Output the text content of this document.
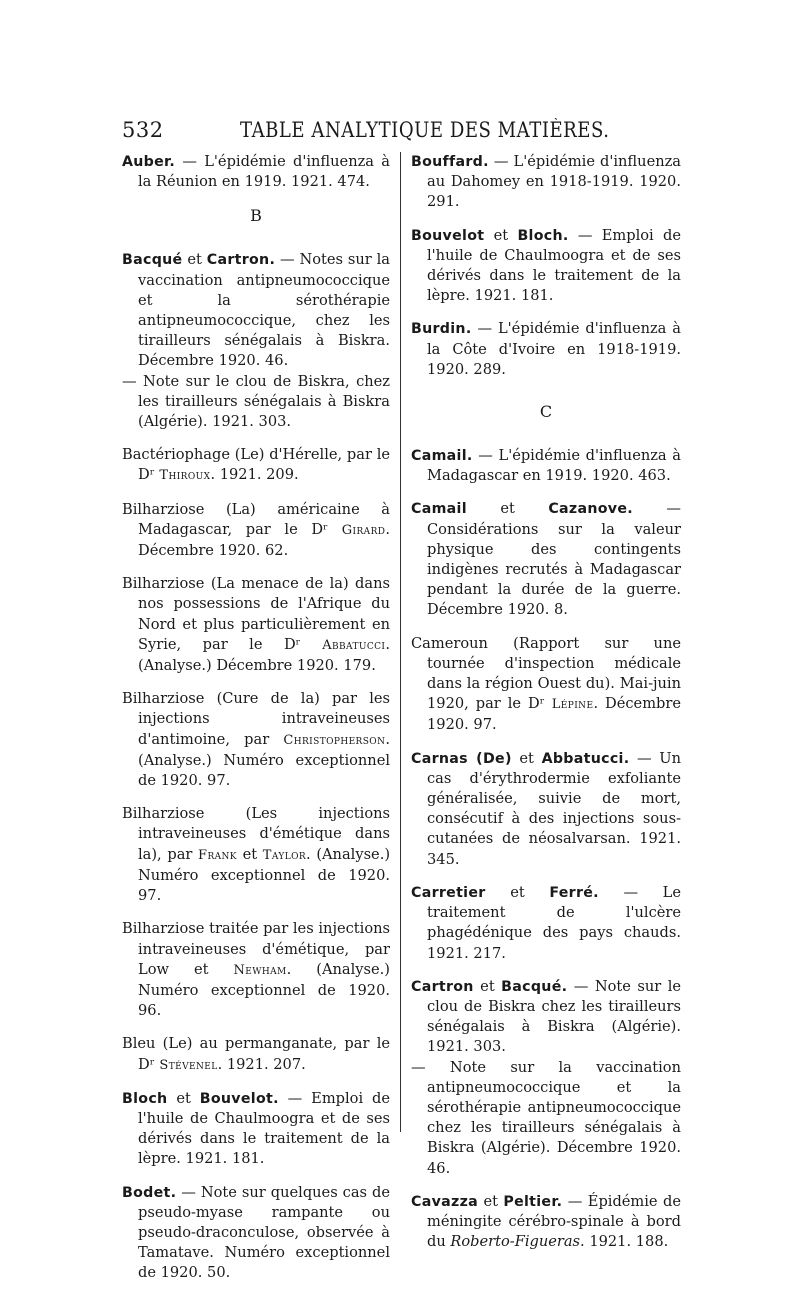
532	TABLE ANALYTIQUE DES MATIÈRES.

Auber. — L'épidémie d'influenza à la Réunion en 1919. 1921. 474.

B

Bacqué et Cartron. — Notes sur la vaccination antipneumococcique et la sérothérapie antipneumococcique, chez les tirailleurs sénégalais à Biskra. Décembre 1920. 46.
— Note sur le clou de Biskra, chez les tirailleurs sénégalais à Biskra (Algérie). 1921. 303.

Bactériophage (Le) d'Hérelle, par le Dʳ Thiroux. 1921. 209.

Bilharziose (La) américaine à Madagascar, par le Dʳ Girard. Décembre 1920. 62.

Bilharziose (La menace de la) dans nos possessions de l'Afrique du Nord et plus particulièrement en Syrie, par le Dʳ Abbatucci. (Analyse.) Décembre 1920. 179.

Bilharziose (Cure de la) par les injections intraveineuses d'antimoine, par Christopherson. (Analyse.) Numéro exceptionnel de 1920. 97.

Bilharziose (Les injections intraveineuses d'émétique dans la), par Frank et Taylor. (Analyse.) Numéro exceptionnel de 1920. 97.

Bilharziose traitée par les injections intraveineuses d'émétique, par Low et Newham. (Analyse.) Numéro exceptionnel de 1920. 96.

Bleu (Le) au permanganate, par le Dʳ Stévenel. 1921. 207.

Bloch et Bouvelot. — Emploi de l'huile de Chaulmoogra et de ses dérivés dans le traitement de la lèpre. 1921. 181.

Bodet. — Note sur quelques cas de pseudo-myase rampante ou pseudo-draconculose, observée à Tamatave. Numéro exceptionnel de 1920. 50.

Bouffard. — L'épidémie d'influenza au Dahomey en 1918-1919. 1920. 291.

Bouvelot et Bloch. — Emploi de l'huile de Chaulmoogra et de ses dérivés dans le traitement de la lèpre. 1921. 181.

Burdin. — L'épidémie d'influenza à la Côte d'Ivoire en 1918-1919. 1920. 289.

C

Camail. — L'épidémie d'influenza à Madagascar en 1919. 1920. 463.

Camail et Cazanove. — Considérations sur la valeur physique des contingents indigènes recrutés à Madagascar pendant la durée de la guerre. Décembre 1920. 8.

Cameroun (Rapport sur une tournée d'inspection médicale dans la région Ouest du). Mai-juin 1920, par le Dʳ Lépine. Décembre 1920. 97.

Carnas (De) et Abbatucci. — Un cas d'érythrodermie exfoliante généralisée, suivie de mort, consécutif à des injections sous-cutanées de néosalvarsan. 1921. 345.

Carretier et Ferré. — Le traitement de l'ulcère phagédénique des pays chauds. 1921. 217.

Cartron et Bacqué. — Note sur le clou de Biskra chez les tirailleurs sénégalais à Biskra (Algérie). 1921. 303.
— Note sur la vaccination antipneumococcique et la sérothérapie antipneumococcique chez les tirailleurs sénégalais à Biskra (Algérie). Décembre 1920. 46.

Cavazza et Peltier. — Épidémie de méningite cérébro-spinale à bord du Roberto-Figueras. 1921. 188.
